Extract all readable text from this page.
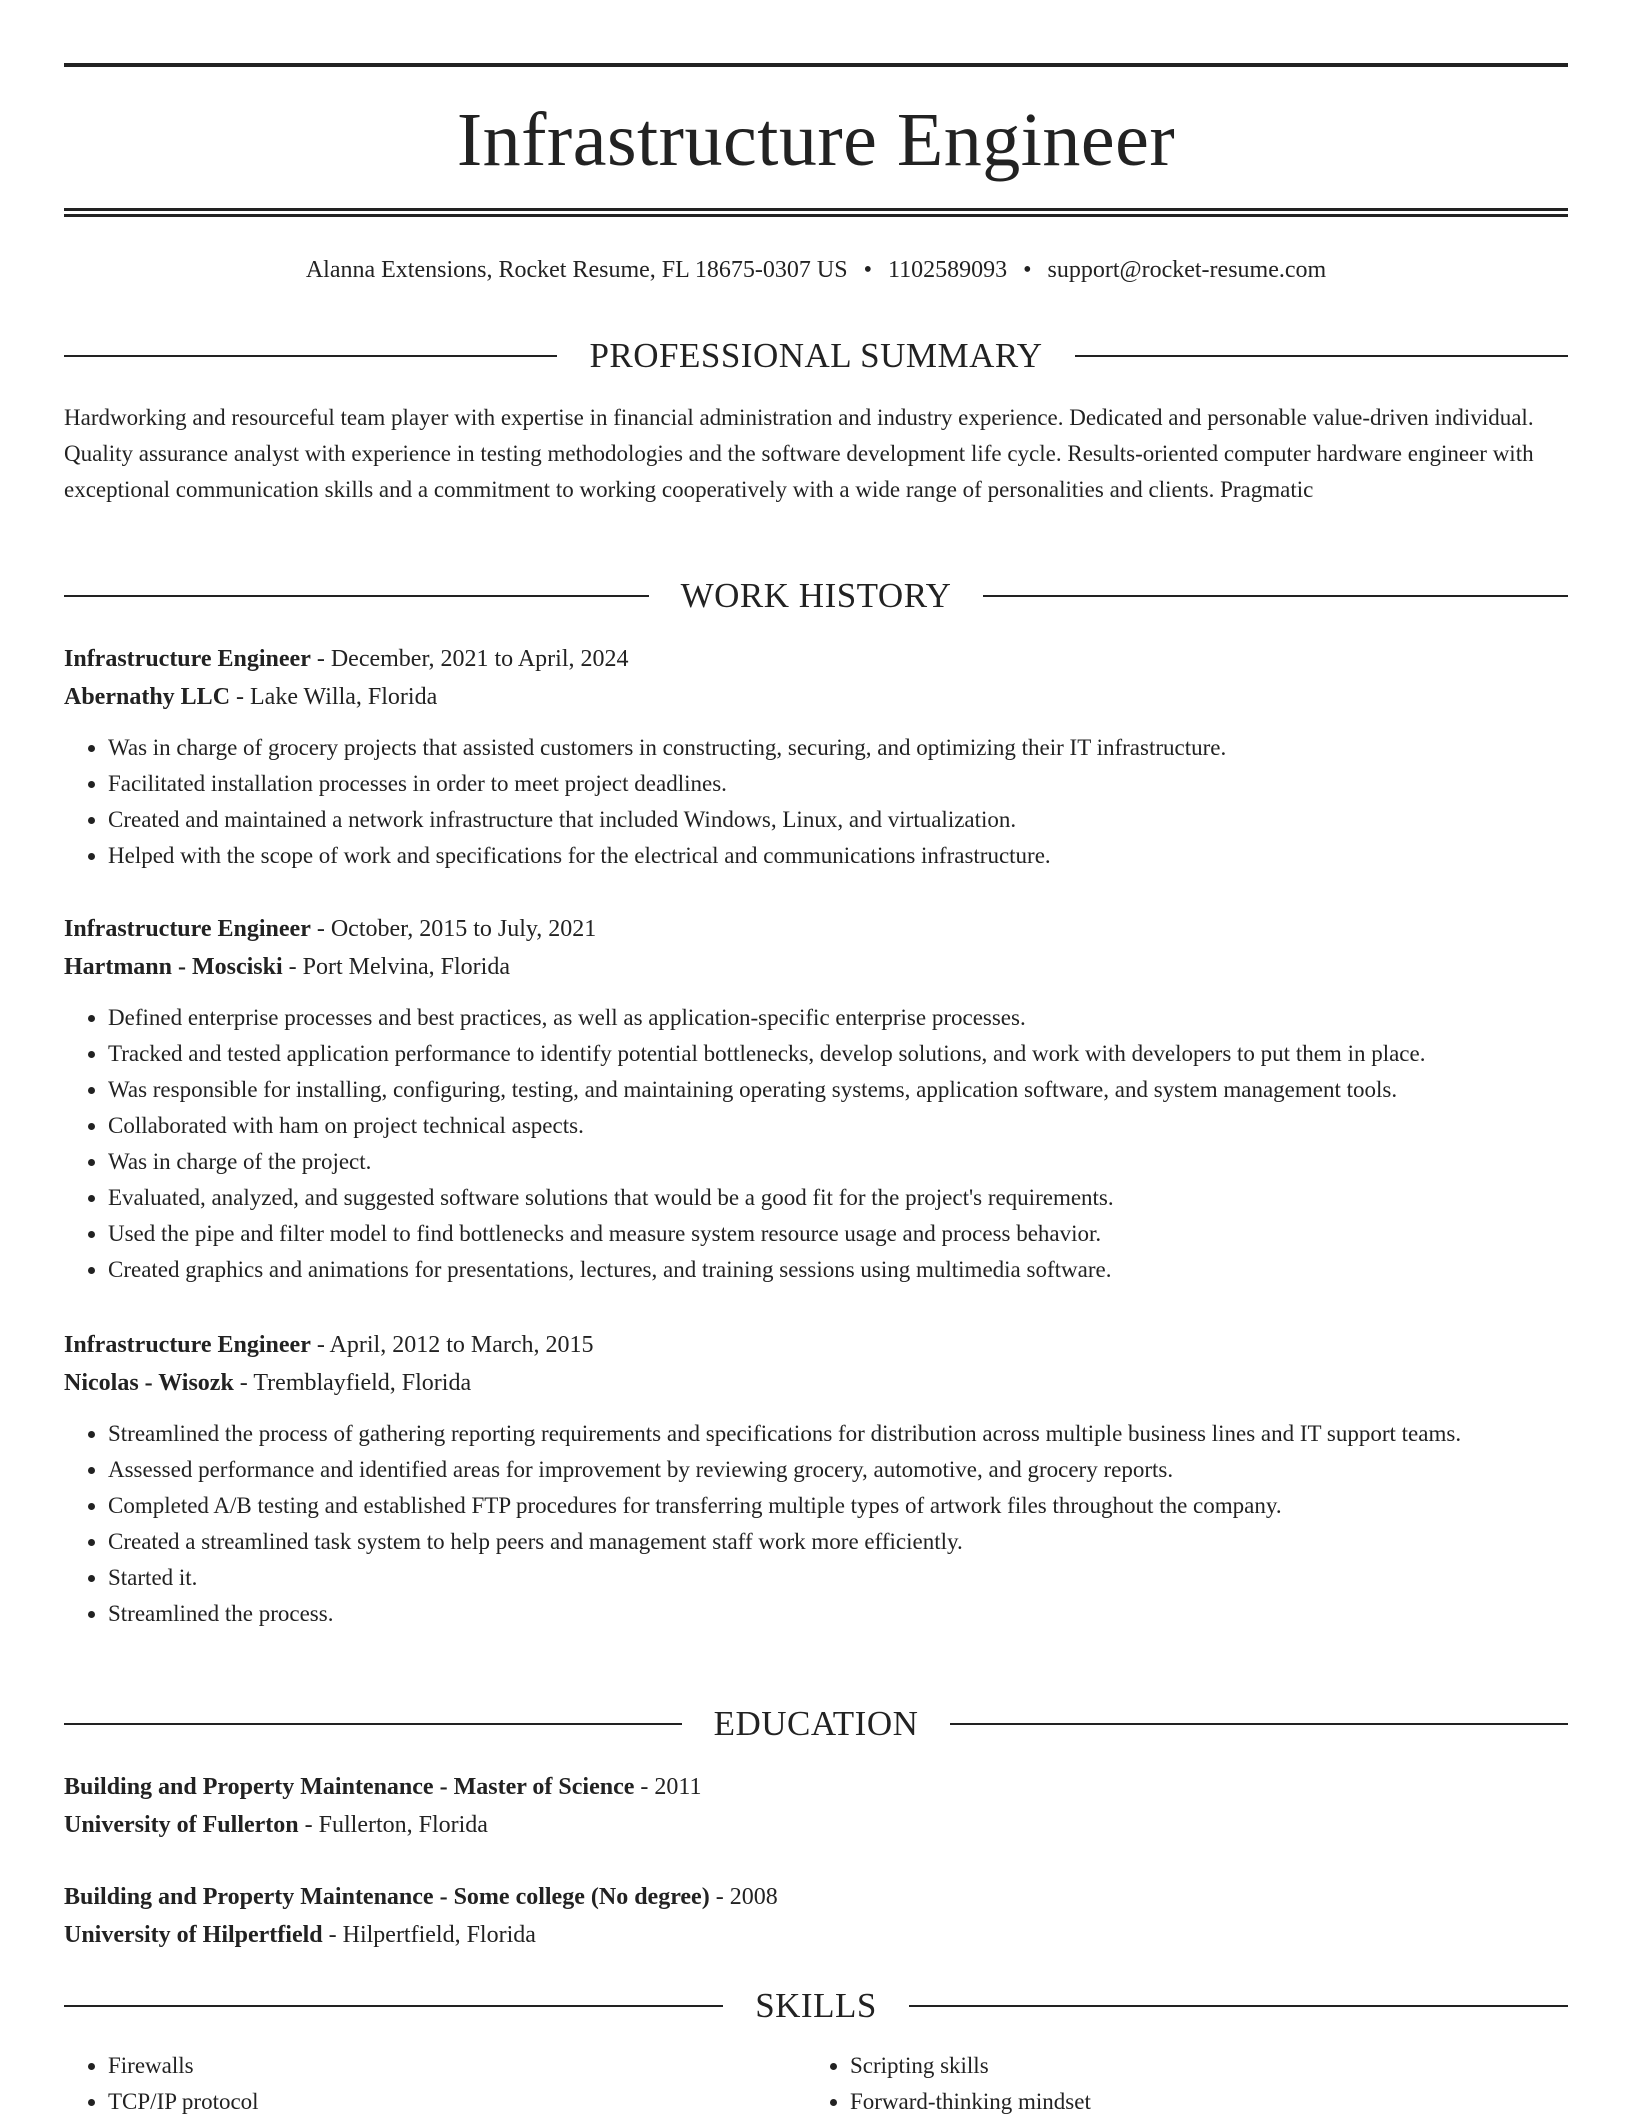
Infrastructure Engineer
Alanna Extensions, Rocket Resume, FL 18675-0307 US • 1102589093 • support@rocket-resume.com
PROFESSIONAL SUMMARY

Hardworking and resourceful team player with expertise in financial administration and industry experience. Dedicated and personable value-driven individual. Quality assurance analyst with experience in testing methodologies and the software development life cycle. Results-oriented computer hardware engineer with exceptional communication skills and a commitment to working cooperatively with a wide range of personalities and clients. Pragmatic

WORK HISTORY
Infrastructure Engineer - December, 2021 to April, 2024
Abernathy LLC - Lake Willa, Florida
• Was in charge of grocery projects that assisted customers in constructing, securing, and optimizing their IT infrastructure.
• Facilitated installation processes in order to meet project deadlines.
• Created and maintained a network infrastructure that included Windows, Linux, and virtualization.
• Helped with the scope of work and specifications for the electrical and communications infrastructure.
Infrastructure Engineer - October, 2015 to July, 2021
Hartmann - Mosciski - Port Melvina, Florida
• Defined enterprise processes and best practices, as well as application-specific enterprise processes.
• Tracked and tested application performance to identify potential bottlenecks, develop solutions, and work with developers to put them in place.
• Was responsible for installing, configuring, testing, and maintaining operating systems, application software, and system management tools.
• Collaborated with ham on project technical aspects.
• Was in charge of the project.
• Evaluated, analyzed, and suggested software solutions that would be a good fit for the project's requirements.
• Used the pipe and filter model to find bottlenecks and measure system resource usage and process behavior.
• Created graphics and animations for presentations, lectures, and training sessions using multimedia software.
Infrastructure Engineer - April, 2012 to March, 2015
Nicolas - Wisozk - Tremblayfield, Florida
• Streamlined the process of gathering reporting requirements and specifications for distribution across multiple business lines and IT support teams.
• Assessed performance and identified areas for improvement by reviewing grocery, automotive, and grocery reports.
• Completed A/B testing and established FTP procedures for transferring multiple types of artwork files throughout the company.
• Created a streamlined task system to help peers and management staff work more efficiently.
• Started it.
• Streamlined the process.
EDUCATION
Building and Property Maintenance - Master of Science - 2011
University of Fullerton - Fullerton, Florida
Building and Property Maintenance - Some college (No degree) - 2008
University of Hilpertfield - Hilpertfield, Florida
SKILLS
• Firewalls
• TCP/IP protocol
• Scripting skills
• Forward-thinking mindset
